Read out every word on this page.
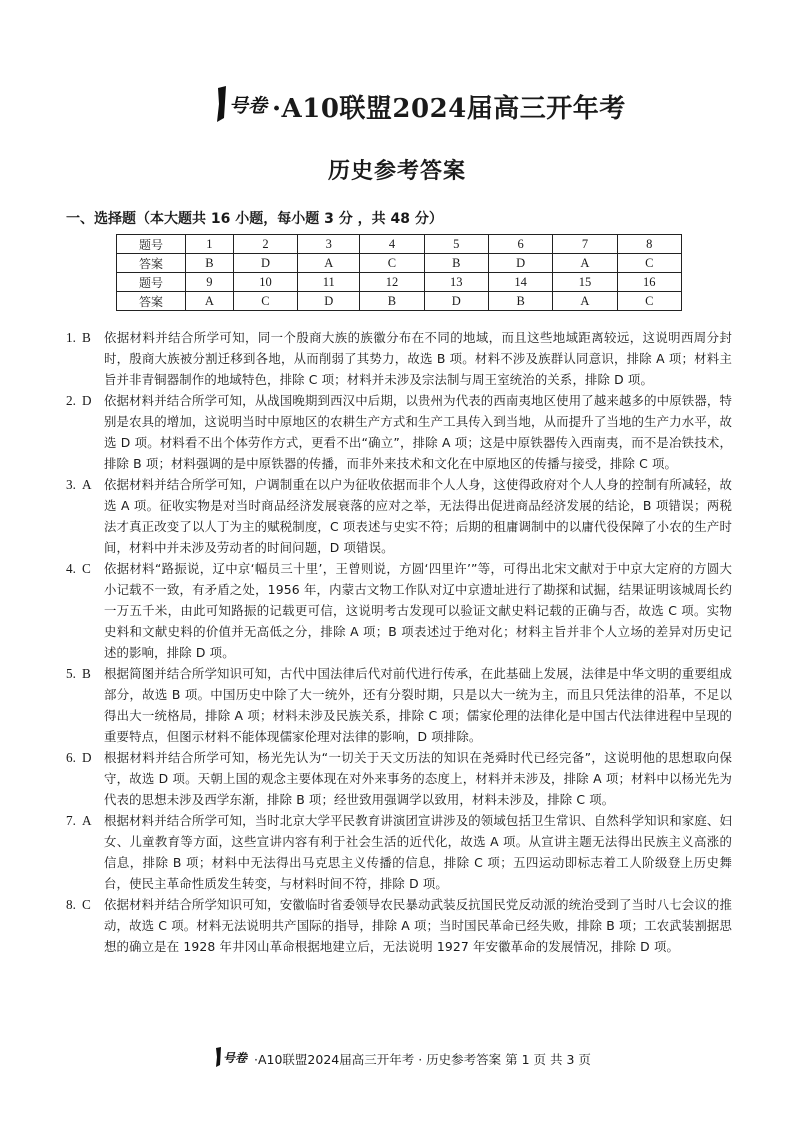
号卷 ·A10联盟2024届高三开年考
历史参考答案
一、选择题（本大题共 16 小题，每小题 3 分 ，共 48 分）
题号	1	2	3	4	5	6	7	8
答案	B	D	A	C	B	D	A	C
题号	9	10	11	12	13	14	15	16
答案	A	C	D	B	D	B	A	C
1. B	依据材料并结合所学可知，同一个殷商大族的族徽分布在不同的地域，而且这些地域距离较远，这说明西周分封时，殷商大族被分割迁移到各地，从而削弱了其势力，故选 B 项。材料不涉及族群认同意识，排除 A 项；材料主旨并非青铜器制作的地域特色，排除 C 项；材料并未涉及宗法制与周王室统治的关系，排除 D 项。
2. D	依据材料并结合所学可知，从战国晚期到西汉中后期，以贵州为代表的西南夷地区使用了越来越多的中原铁器，特别是农具的增加，这说明当时中原地区的农耕生产方式和生产工具传入到当地，从而提升了当地的生产力水平，故选 D 项。材料看不出个体劳作方式，更看不出“确立”，排除 A 项；这是中原铁器传入西南夷，而不是冶铁技术，排除 B 项；材料强调的是中原铁器的传播，而非外来技术和文化在中原地区的传播与接受，排除 C 项。
3. A	依据材料并结合所学可知，户调制重在以户为征收依据而非个人人身，这使得政府对个人人身的控制有所减轻，故选 A 项。征收实物是对当时商品经济发展衰落的应对之举，无法得出促进商品经济发展的结论，B 项错误；两税法才真正改变了以人丁为主的赋税制度，C 项表述与史实不符；后期的租庸调制中的以庸代役保障了小农的生产时间，材料中并未涉及劳动者的时间问题，D 项错误。
4. C	依据材料“路振说，辽中京‘幅员三十里’，王曾则说，方圆‘四里许’”等，可得出北宋文献对于中京大定府的方圆大小记载不一致，有矛盾之处，1956 年，内蒙古文物工作队对辽中京遗址进行了勘探和试掘，结果证明该城周长约一万五千米，由此可知路振的记载更可信，这说明考古发现可以验证文献史料记载的正确与否，故选 C 项。实物史料和文献史料的价值并无高低之分，排除 A 项；B 项表述过于绝对化；材料主旨并非个人立场的差异对历史记述的影响，排除 D 项。
5. B	根据简图并结合所学知识可知，古代中国法律后代对前代进行传承，在此基础上发展，法律是中华文明的重要组成部分，故选 B 项。中国历史中除了大一统外，还有分裂时期，只是以大一统为主，而且只凭法律的沿革，不足以得出大一统格局，排除 A 项；材料未涉及民族关系，排除 C 项；儒家伦理的法律化是中国古代法律进程中呈现的重要特点，但图示材料不能体现儒家伦理对法律的影响，D 项排除。
6. D	根据材料并结合所学可知，杨光先认为“一切关于天文历法的知识在尧舜时代已经完备”，这说明他的思想取向保守，故选 D 项。天朝上国的观念主要体现在对外来事务的态度上，材料并未涉及，排除 A 项；材料中以杨光先为代表的思想未涉及西学东渐，排除 B 项；经世致用强调学以致用，材料未涉及，排除 C 项。
7. A	根据材料并结合所学可知，当时北京大学平民教育讲演团宣讲涉及的领域包括卫生常识、自然科学知识和家庭、妇女、儿童教育等方面，这些宣讲内容有利于社会生活的近代化，故选 A 项。从宣讲主题无法得出民族主义高涨的信息，排除 B 项；材料中无法得出马克思主义传播的信息，排除 C 项；五四运动即标志着工人阶级登上历史舞台，使民主革命性质发生转变，与材料时间不符，排除 D 项。
8. C	依据材料并结合所学知识可知，安徽临时省委领导农民暴动武装反抗国民党反动派的统治受到了当时八七会议的推动，故选 C 项。材料无法说明共产国际的指导，排除 A 项；当时国民革命已经失败，排除 B 项；工农武装割据思想的确立是在 1928 年井冈山革命根据地建立后，无法说明 1927 年安徽革命的发展情况，排除 D 项。
号卷 ·A10联盟2024届高三开年考 · 历史参考答案 第 1 页 共 3 页
